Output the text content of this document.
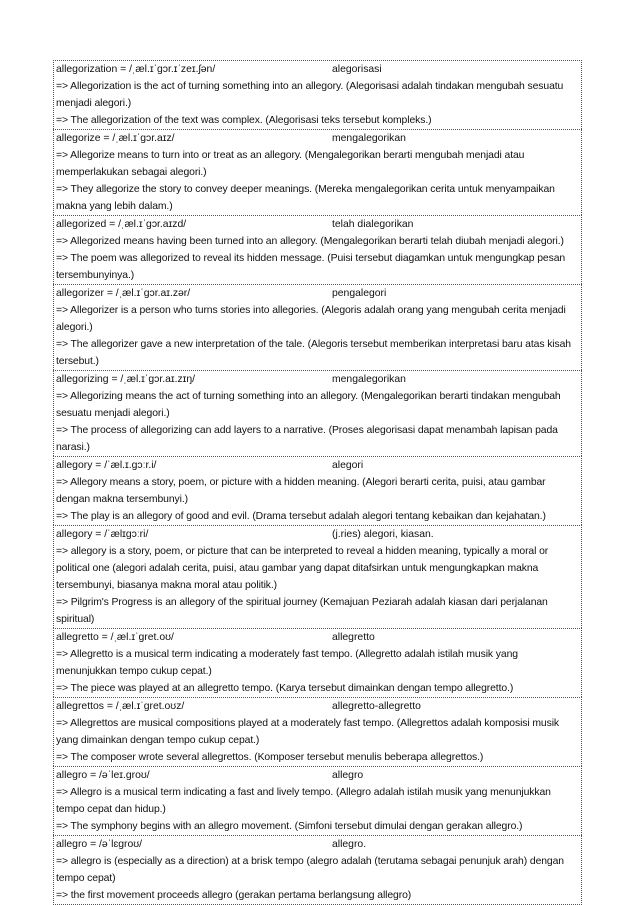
allegorization = /ˌæl.ɪˈɡɔr.ɪˈzeɪ.ʃən/	alegorisasi
=> Allegorization is the act of turning something into an allegory. (Alegorisasi adalah tindakan mengubah sesuatu menjadi alegori.)
=> The allegorization of the text was complex. (Alegorisasi teks tersebut kompleks.)
allegorize = /ˌæl.ɪˈɡɔr.aɪz/	mengalegorikan
=> Allegorize means to turn into or treat as an allegory. (Mengalegorikan berarti mengubah menjadi atau memperlakukan sebagai alegori.)
=> They allegorize the story to convey deeper meanings. (Mereka mengalegorikan cerita untuk menyampaikan makna yang lebih dalam.)
allegorized = /ˌæl.ɪˈɡɔr.aɪzd/	telah dialegorikan
=> Allegorized means having been turned into an allegory. (Mengalegorikan berarti telah diubah menjadi alegori.)
=> The poem was allegorized to reveal its hidden message. (Puisi tersebut diagamkan untuk mengungkap pesan tersembunyinya.)
allegorizer = /ˌæl.ɪˈɡɔr.aɪ.zər/	pengalegori
=> Allegorizer is a person who turns stories into allegories. (Alegoris adalah orang yang mengubah cerita menjadi alegori.)
=> The allegorizer gave a new interpretation of the tale. (Alegoris tersebut memberikan interpretasi baru atas kisah tersebut.)
allegorizing = /ˌæl.ɪˈɡɔr.aɪ.zɪŋ/	mengalegorikan
=> Allegorizing means the act of turning something into an allegory. (Mengalegorikan berarti tindakan mengubah sesuatu menjadi alegori.)
=> The process of allegorizing can add layers to a narrative. (Proses alegorisasi dapat menambah lapisan pada narasi.)
allegory = /ˈæl.ɪ.ɡɔːr.i/	alegori
=> Allegory means a story, poem, or picture with a hidden meaning. (Alegori berarti cerita, puisi, atau gambar dengan makna tersembunyi.)
=> The play is an allegory of good and evil. (Drama tersebut adalah alegori tentang kebaikan dan kejahatan.)
allegory = /ˈælɪɡɔːri/	(j.ries) alegori, kiasan.
=> allegory is a story, poem, or picture that can be interpreted to reveal a hidden meaning, typically a moral or political one (alegori adalah cerita, puisi, atau gambar yang dapat ditafsirkan untuk mengungkapkan makna tersembunyi, biasanya makna moral atau politik.)
=> Pilgrim's Progress is an allegory of the spiritual journey (Kemajuan Peziarah adalah kiasan dari perjalanan spiritual)
allegretto = /ˌæl.ɪˈɡret.oʊ/	allegretto
=> Allegretto is a musical term indicating a moderately fast tempo. (Allegretto adalah istilah musik yang menunjukkan tempo cukup cepat.)
=> The piece was played at an allegretto tempo. (Karya tersebut dimainkan dengan tempo allegretto.)
allegrettos = /ˌæl.ɪˈɡret.oʊz/	allegretto-allegretto
=> Allegrettos are musical compositions played at a moderately fast tempo. (Allegrettos adalah komposisi musik yang dimainkan dengan tempo cukup cepat.)
=> The composer wrote several allegrettos. (Komposer tersebut menulis beberapa allegrettos.)
allegro = /əˈleɪ.ɡroʊ/	allegro
=> Allegro is a musical term indicating a fast and lively tempo. (Allegro adalah istilah musik yang menunjukkan tempo cepat dan hidup.)
=> The symphony begins with an allegro movement. (Simfoni tersebut dimulai dengan gerakan allegro.)
allegro = /əˈlɛɡroʊ/	allegro.
=> allegro is (especially as a direction) at a brisk tempo (alegro adalah (terutama sebagai penunjuk arah) dengan tempo cepat)
=> the first movement proceeds allegro (gerakan pertama berlangsung allegro)
